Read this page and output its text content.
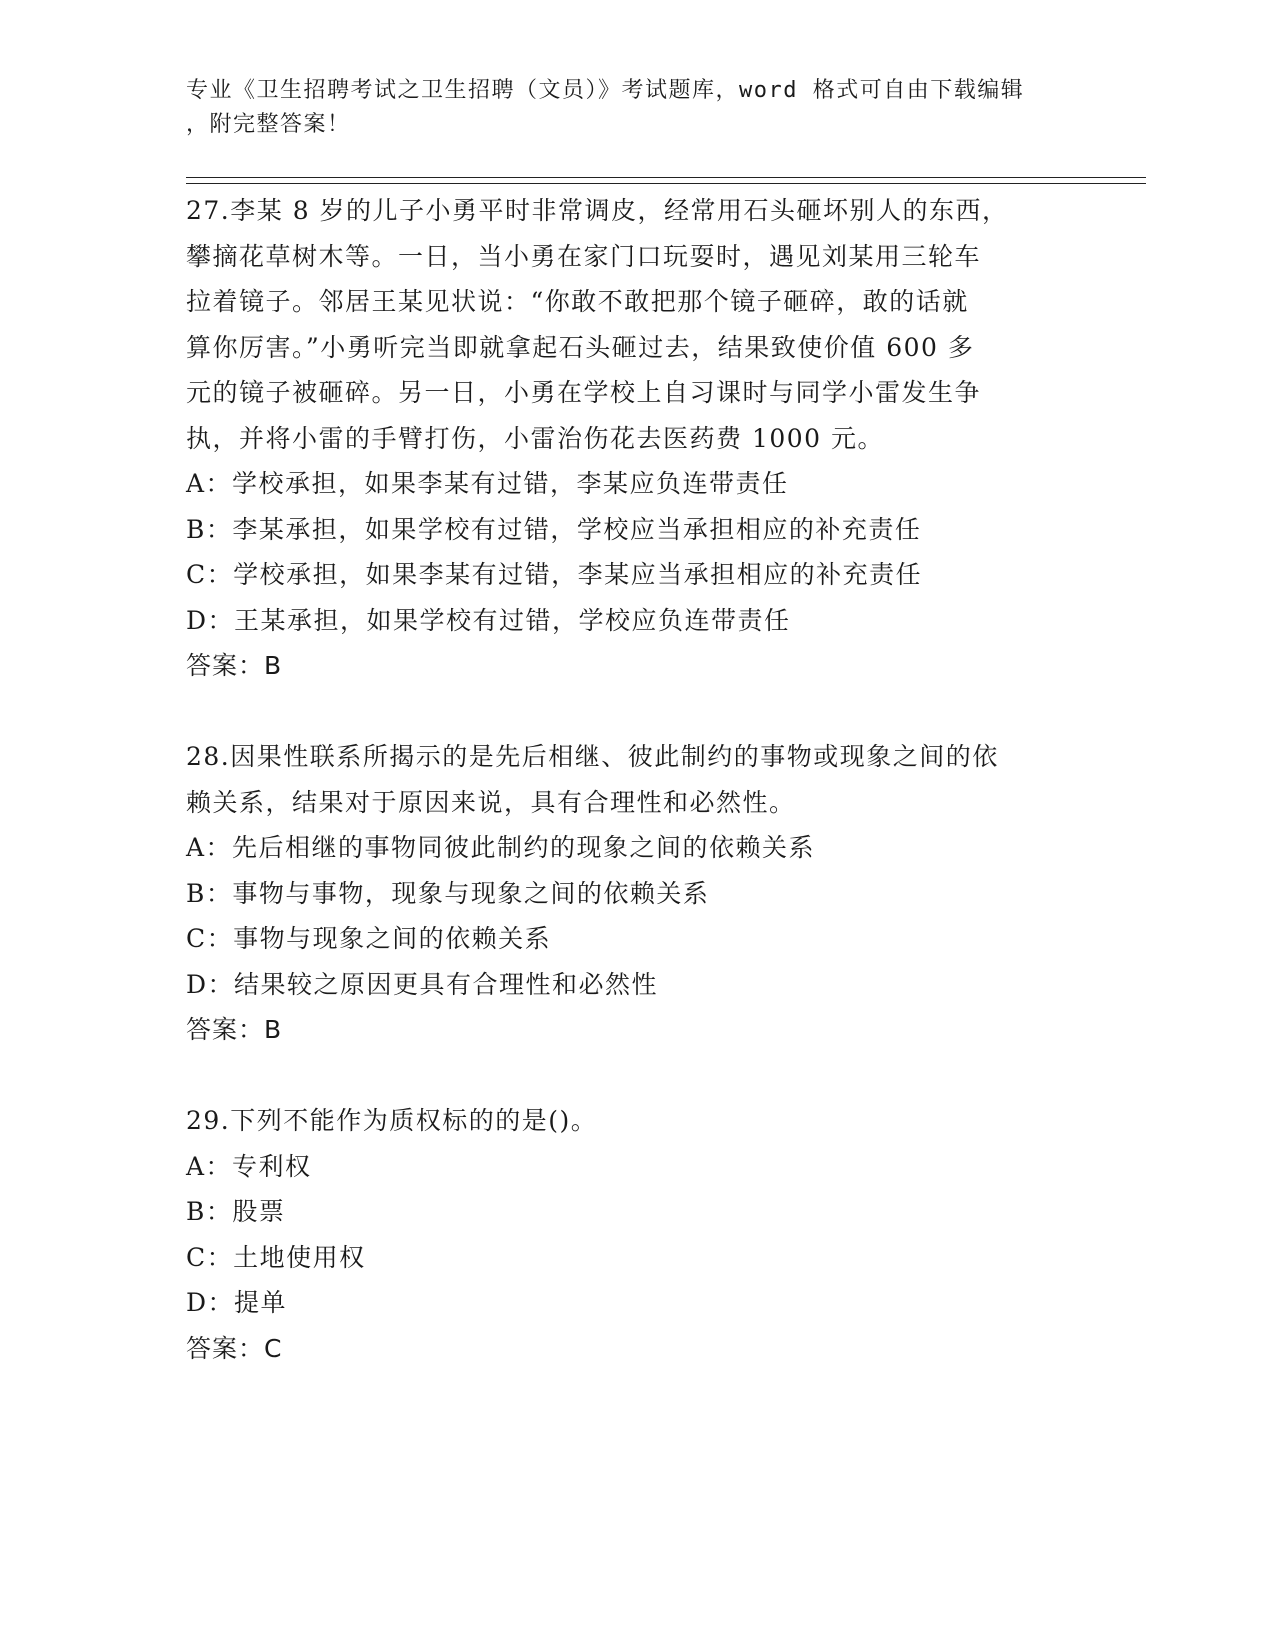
专业《卫生招聘考试之卫生招聘（文员）》考试题库，word 格式可自由下载编辑
，附完整答案！
27.李某 8 岁的儿子小勇平时非常调皮，经常用石头砸坏别人的东西，
攀摘花草树木等。一日，当小勇在家门口玩耍时，遇见刘某用三轮车
拉着镜子。邻居王某见状说：“你敢不敢把那个镜子砸碎，敢的话就
算你厉害。”小勇听完当即就拿起石头砸过去，结果致使价值 600 多
元的镜子被砸碎。另一日，小勇在学校上自习课时与同学小雷发生争
执，并将小雷的手臂打伤，小雷治伤花去医药费 1000 元。
A：学校承担，如果李某有过错，李某应负连带责任
B：李某承担，如果学校有过错，学校应当承担相应的补充责任
C：学校承担，如果李某有过错，李某应当承担相应的补充责任
D：王某承担，如果学校有过错，学校应负连带责任
答案：B
28.因果性联系所揭示的是先后相继、彼此制约的事物或现象之间的依
赖关系，结果对于原因来说，具有合理性和必然性。
A：先后相继的事物同彼此制约的现象之间的依赖关系
B：事物与事物，现象与现象之间的依赖关系
C：事物与现象之间的依赖关系
D：结果较之原因更具有合理性和必然性
答案：B
29.下列不能作为质权标的的是()。
A：专利权
B：股票
C：土地使用权
D：提单
答案：C
